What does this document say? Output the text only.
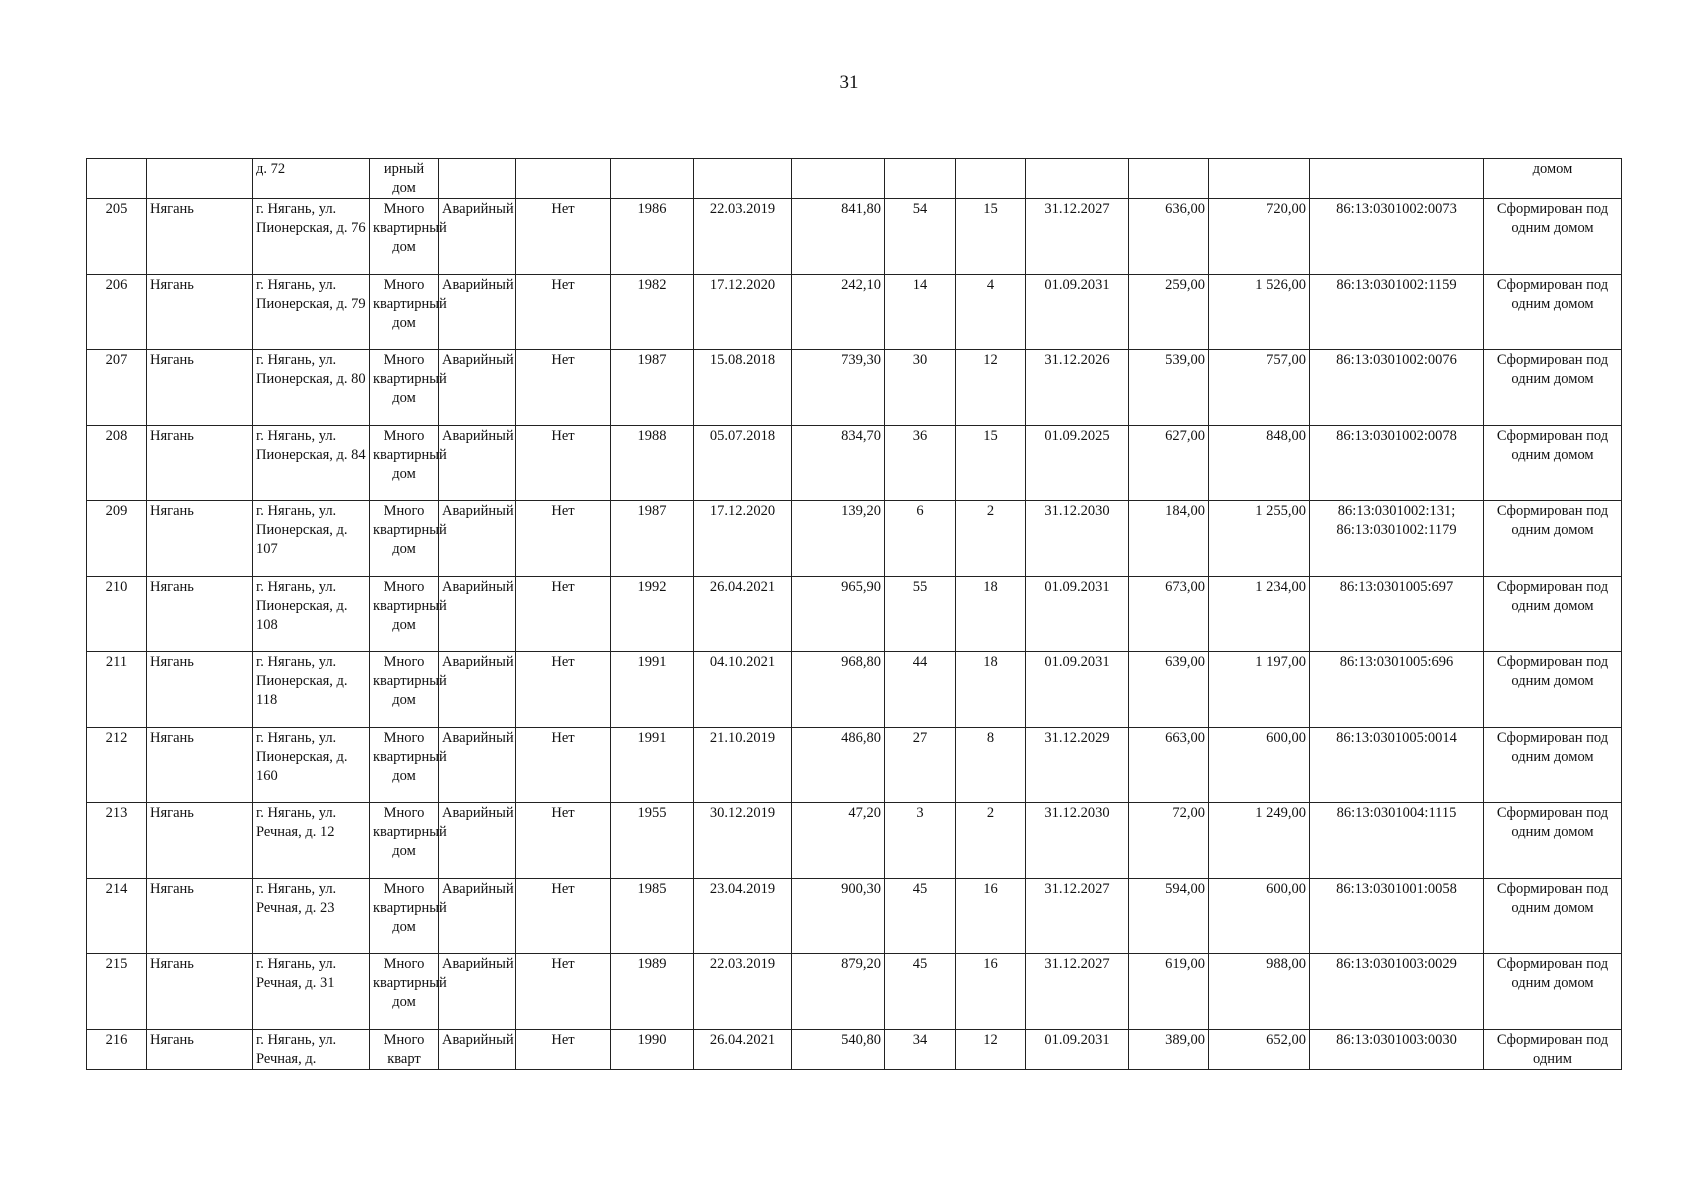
31
		д. 72	ирный дом												домом
205	Нягань	г. Нягань, ул. Пионерская, д. 76	Много квартирный дом	Аварийный	Нет	1986	22.03.2019	841,80	54	15	31.12.2027	636,00	720,00	86:13:0301002:0073	Сформирован под одним домом
206	Нягань	г. Нягань, ул. Пионерская, д. 79	Много квартирный дом	Аварийный	Нет	1982	17.12.2020	242,10	14	4	01.09.2031	259,00	1 526,00	86:13:0301002:1159	Сформирован под одним домом
207	Нягань	г. Нягань, ул. Пионерская, д. 80	Много квартирный дом	Аварийный	Нет	1987	15.08.2018	739,30	30	12	31.12.2026	539,00	757,00	86:13:0301002:0076	Сформирован под одним домом
208	Нягань	г. Нягань, ул. Пионерская, д. 84	Много квартирный дом	Аварийный	Нет	1988	05.07.2018	834,70	36	15	01.09.2025	627,00	848,00	86:13:0301002:0078	Сформирован под одним домом
209	Нягань	г. Нягань, ул. Пионерская, д. 107	Много квартирный дом	Аварийный	Нет	1987	17.12.2020	139,20	6	2	31.12.2030	184,00	1 255,00	86:13:0301002:131; 86:13:0301002:1179	Сформирован под одним домом
210	Нягань	г. Нягань, ул. Пионерская, д. 108	Много квартирный дом	Аварийный	Нет	1992	26.04.2021	965,90	55	18	01.09.2031	673,00	1 234,00	86:13:0301005:697	Сформирован под одним домом
211	Нягань	г. Нягань, ул. Пионерская, д. 118	Много квартирный дом	Аварийный	Нет	1991	04.10.2021	968,80	44	18	01.09.2031	639,00	1 197,00	86:13:0301005:696	Сформирован под одним домом
212	Нягань	г. Нягань, ул. Пионерская, д. 160	Много квартирный дом	Аварийный	Нет	1991	21.10.2019	486,80	27	8	31.12.2029	663,00	600,00	86:13:0301005:0014	Сформирован под одним домом
213	Нягань	г. Нягань, ул. Речная, д. 12	Много квартирный дом	Аварийный	Нет	1955	30.12.2019	47,20	3	2	31.12.2030	72,00	1 249,00	86:13:0301004:1115	Сформирован под одним домом
214	Нягань	г. Нягань, ул. Речная, д. 23	Много квартирный дом	Аварийный	Нет	1985	23.04.2019	900,30	45	16	31.12.2027	594,00	600,00	86:13:0301001:0058	Сформирован под одним домом
215	Нягань	г. Нягань, ул. Речная, д. 31	Много квартирный дом	Аварийный	Нет	1989	22.03.2019	879,20	45	16	31.12.2027	619,00	988,00	86:13:0301003:0029	Сформирован под одним домом
216	Нягань	г. Нягань, ул. Речная, д.	Много кварт	Аварийный	Нет	1990	26.04.2021	540,80	34	12	01.09.2031	389,00	652,00	86:13:0301003:0030	Сформирован под одним
